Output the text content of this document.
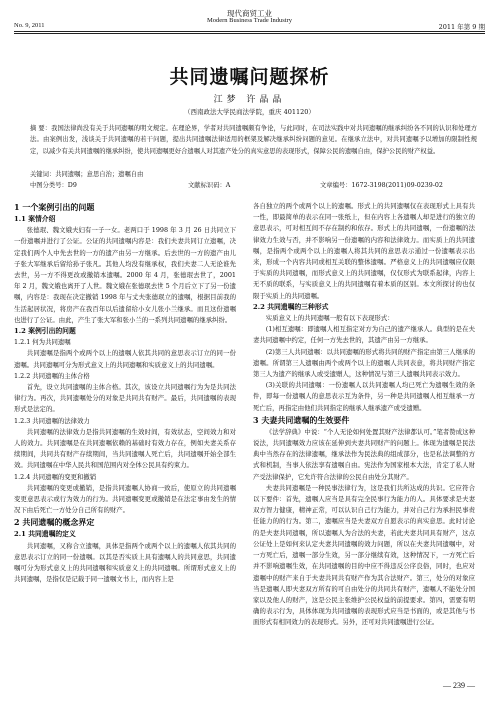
现代商贸工业
Modern Business Trade Industry
No. 9, 2011	2011 年第 9 期
共同遗嘱问题探析
江梦 许晶晶
（西南政法大学民商法学院，重庆 401120）
摘 要：我国法律尚没有关于共同遗嘱的明文规定。在理论界，学者对共同遗嘱颇有争论，与此同时，在司法实践中对共同遗嘱的继承纠纷各不同的认识和处理方法。由案例出发，浅谈关于共同遗嘱的若干问题，提出共同遗嘱法律适用的框架及解决继承纠纷问题的意见。在继承立法中，对共同遗嘱予以增加的限制性规定，以减少有关共同遗嘱的继承纠纷，使共同遗嘱更好合遗嘱人对其遗产处分的真实意思的表现形式，保障公民的遗嘱自由，保护公民的财产权益。
关键词：共同遗嘱；意思自治；遗嘱自由
中图分类号：D9	文献标识码：A	文章编号：1672-3198(2011)09-0239-02
1 一个案例引出的问题
1.1 案情介绍
张德珉、魏文娥夫妇有一子一女。老两口于 1998 年 3 月 26 日共同立下一份遗嘱并进行了公证。公证的共同遗嘱内容是：我们夫妻共同订立遗嘱，决定我们两个人中先去世的一方的遗产由另一方继承。后去世的一方的遗产由儿子张大军继承后留给孙子张凡。其他人均没有继承权，我们夫妻二人无论谁先去世，另一方不得更改或撤销本遗嘱。2000 年 4 月，张德珉去世了，2001 年 2 月，魏文娥也离开了人世。魏文娥在张德珉去世 5 个月后立下了另一份遗嘱，内容是：我现在决定撤销 1998 年与丈夫张德珉立的遗嘱，根据目前我的生活起居状况，将房产在我百年以后遗留给小女儿张小兰继承。而且这份遗嘱也进行了公证。由此，产生了张大军和张小兰的一系列共同遗嘱的继承纠纷。
1.2 案例引出的问题
1.2.1 何为共同遗嘱
共同遗嘱是指两个或两个以上的遗嘱人依其共同的意思表示订立的同一份遗嘱。共同遗嘱可分为形式意义上的共同遗嘱和实质意义上的共同遗嘱。
1.2.2 共同遗嘱的主体合格
首先，设立共同遗嘱的主体合格。其次，该设立共同遗嘱行为为是共同法律行为。再次，共同遗嘱处分的对象是共同共有财产。最后，共同遗嘱的表现形式是法定的。
1.2.3 共同遗嘱的法律效力
共同遗嘱的法律效力是指共同遗嘱的生效时间，有效状态，空间效力和对人的效力。共同遗嘱是在共同遗嘱依赖的基础时有效力存在，例如夫妻关系存续期间，共同共有财产存续期间，当共同遗嘱人死亡后，共同遗嘱开始全部生效。共同遗嘱在中华人民共和国范围内对全体公民具有约束力。
1.2.4 共同遗嘱的变更和撤销
共同遗嘱的变更或撤销，是指共同遗嘱人协商一致后，使原立的共同遗嘱变更意思表示或行为效力的行为。共同遗嘱变更或撤销是在法定事由发生的情况下由后死亡一方处分自己所有的财产。
2 共同遗嘱的概念界定
2.1 共同遗嘱的定义
共同遗嘱，又称合立遗嘱，具体是指两个或两个以上的遗嘱人依其共同的意思表示订立的同一份遗嘱。以其是否实质上具有遗嘱人的共同意思，共同遗嘱可分为形式意义上的共同遗嘱和实质意义上的共同遗嘱。所谓形式意义上的共同遗嘱，是指仅是记载于同一遗嘱文书上，而内容上是
各自独立的两个或两个以上的遗嘱。形式上的共同遗嘱仅在表现形式上具有共一性，即最简单的表示在同一张纸上，但在内容上各遗嘱人却是进行的独立的意思表示，可对相互间不存在制约和依存。形式上的共同遗嘱，一份遗嘱的法律效力生效与否，并不影响另一份遗嘱的内容和法律效力。而实质上的共同遗嘱，是指两个或两个以上的遗嘱人将其共同的意思表示通过一份遗嘱表示出来，形成一个内容共同或相互关联的整体遗嘱。严格意义上的共同遗嘱应仅限于实质的共同遗嘱，而形式意义上的共同遗嘱，仅仅形式为联系起律，内容上无不质的联系，与实质意义上的共同遗嘱有着本质的区别。本文所探讨的也仅限于实质上的共同遗嘱。
2.2 共同遗嘱的三种形式
实质意义上的共同遗嘱一般有以下表现形式：
(1)相互遗嘱：即遗嘱人相互指定对方为自己的遗产继承人。典型的是在夫妻共同遗嘱中约定，任何一方先去世的，其遗产由另一方继承。
(2)第三人共同遗嘱：以共同遗嘱的形式将共同的财产指定由第三人继承的遗嘱。所谓第三人遗嘱由两个或两个以上的遗嘱人共同表意，将共同财产指定第三人为遗产的继承人或受遗赠人，这种情况与第三人遗嘱共同表示效力。
(3)关联的共同遗嘱：一份遗嘱人以共同遗嘱人均已死亡为遗嘱生效的条件，即每一份遗嘱人的意思表示互为条件，另一种是共同遗嘱人相互继承一方死亡后，再指定由他们共同指定的继承人继承遗产或受遗赠。
3 夫妻共同遗嘱的生效要件
《法学辞典》中说：“个人无论如何处置其财产法律都认可。”笔者赞成这种说法，共同遗嘱效力应该在延伸到夫妻共同财产的问题上。体现为遗嘱是民法典中当然存在的法律遗嘱，继承法作为民法典的组成部分，也是私法调整的方式和机制，当事人依法享有遗嘱自由。宪法作为国家根本大法，肯定了私人财产受法律保护，它允许符合法律的公民自由处分其财产。
夫妻共同遗嘱是一种民事法律行为，这是我们共所达成的共识。它应符合以下要件：首先，遗嘱人应当是具有完全民事行为能力的人。具体要求是夫妻双方智力健康，精神正常，可以认识自己行为能力，并对自己行为承担民事责任能力的的行为。第二，遗嘱应当是夫妻双方自愿表示的真实意思。此时讨论的是夫妻共同遗嘱，所以遗嘱人为合法的夫妻，若此夫妻共同具有财产，这点公证处上是如何来认定夫妻共同遗嘱的效力问题，所以在夫妻共同遗嘱中，对一方死亡后，遗嘱一部分生效，另一部分继续有效，这种情况下，一方死亡后并不影响遗嘱生效，在共同遗嘱的目的中应不得违反公序良俗，同时，也应对遗嘱中的财产来自于夫妻共同共有财产作为其合法财产。第三，处分的对象应当是遗嘱人即夫妻双方所有的可自由处分的共同共有财产，遗嘱人不能处分国家以及他人的财产，这是公民主张维护公民权益的前提要求。第四，需要有明确的表示行为，具体体现为共同遗嘱的表现形式应当是书面的，或是其他与书面形式有相同效力的表现形式。另外，还可对共同遗嘱进行公证。
— 239 —
